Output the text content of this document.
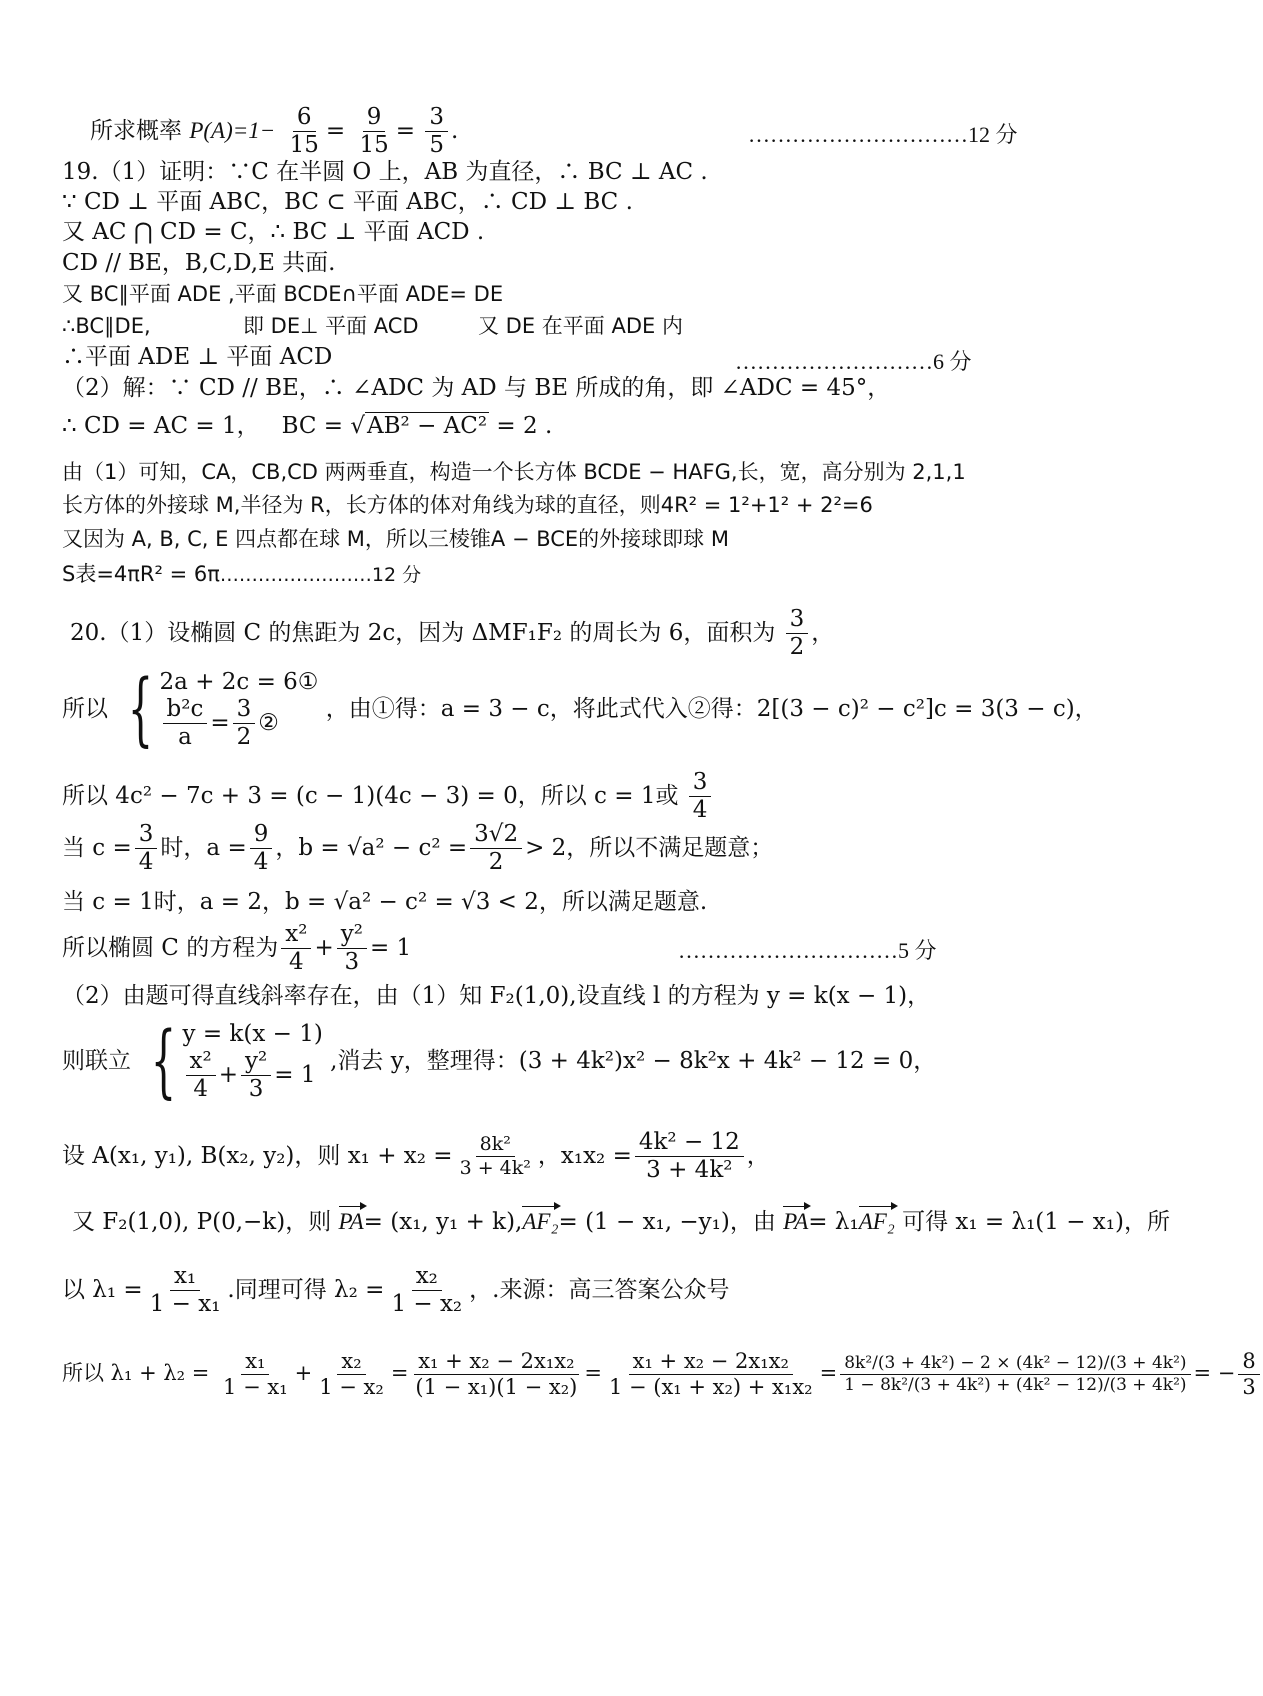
所求概率 $P(A)=1- \frac{6}{15} = \frac{9}{15} = \frac{3}{5}$ .	…………………………12 分
19.（1）证明：∵C 在半圆 O 上，AB 为直径，∴ BC ⊥ AC .
∵ CD ⊥ 平面 ABC，BC ⊂ 平面 ABC，∴ CD ⊥ BC .
又 AC ⋂ CD = C，∴ BC ⊥ 平面 ACD .
CD // BE，B,C,D,E 共面.
又 BC∥平面 ADE ,平面 BCDE∩平面 ADE= DE
∴BC∥DE,	即 DE⊥ 平面 ACD	又 DE 在平面 ADE 内
∴平面 ADE ⊥ 平面 ACD	………………………6 分
（2）解：∵ CD // BE，∴ ∠ADC 为 AD 与 BE 所成的角，即 ∠ADC = 45°，
∴ CD = AC = 1， BC = √AB² − AC² = 2 .
由（1）可知，CA，CB,CD 两两垂直，构造一个长方体 BCDE − HAFG,长，宽，高分别为 2,1,1
长方体的外接球 M,半径为 R，长方体的体对角线为球的直径，则4R² = 1²+1² + 2²=6
又因为 A, B, C, E 四点都在球 M，所以三棱锥A − BCE的外接球即球 M
S表=4πR² = 6π……………………12 分
20.（1）设椭圆 C 的焦距为 2c，因为 ΔMF₁F₂ 的周长为 6，面积为 $\frac{3}{2}$ ，
所以 { 2a + 2c = 6①
$\frac{\text{b²c}}{a} = \frac{3}{2}$ ②
，由①得：a = 3 − c，将此式代入②得：2[(3 − c)² − c²]c = 3(3 − c)，
所以 4c² − 7c + 3 = (c − 1)(4c − 3) = 0，所以 c = 1或 $\frac{3}{4}$
当 $c = \frac{3}{4}$ 时，$a = \frac{9}{4}$ ，$b = √a^2 - c^2 = \frac{3√2}{2} > 2$，所以不满足题意；
当 c = 1时，a = 2，b = √a² − c² = √3 < 2，所以满足题意.
所以椭圆 C 的方程为 $\frac{\text{x²}}{4} + \frac{\text{y²}}{3} = 1$	…………………………5 分
（2）由题可得直线斜率存在，由（1）知 F₂(1,0),设直线 l 的方程为 y = k(x − 1)，
则联立 { y = k(x − 1)
$\frac{\text{x²}}{4} + \frac{\text{y²}}{3} = 1$
,消去 y，整理得：(3 + 4k²)x² − 8k²x + 4k² − 12 = 0，
设 A(x₁, y₁), B(x₂, y₂)，则 $x_1 + x_2 = \frac{\text{8k²}}{\text{3 + 4k²}}$ ，$x_1x_2 = \frac{\text{4k² − 12}}{\text{3 + 4k²}}$ ，
又 F₂(1,0), P(0,−k)，则 PA= (x₁, y₁ + k),AF₂= (1 − x₁, −y₁)，由 PA= λ₁AF₂ 可得 x₁ = λ₁(1 − x₁)，所
以 $\lambda_1 = \frac{\text{x₁}}{\text{1 − x₁}}$ .同理可得 $\lambda_2 = \frac{\text{x₂}}{\text{1 − x₂}}$ ，.来源：高三答案公众号
所以 $\lambda_1 + \lambda_2 = \frac{\text{x₁}}{\text{1 − x₁}} + \frac{\text{x₂}}{\text{1 − x₂}} = \frac{\text{x₁ + x₂ − 2x₁x₂}}{\text{(1 − x₁)(1 − x₂)}} = \frac{\text{x₁ + x₂ − 2x₁x₂}}{\text{1 − (x₁ + x₂) + x₁x₂}} = \frac{\text{8k²/(3 + 4k²) − 2 × (4k² − 12)/(3 + 4k²)}}{\text{1 − 8k²/(3 + 4k²) + (4k² − 12)/(3 + 4k²)}}$ = − $\frac{8}{3}$
